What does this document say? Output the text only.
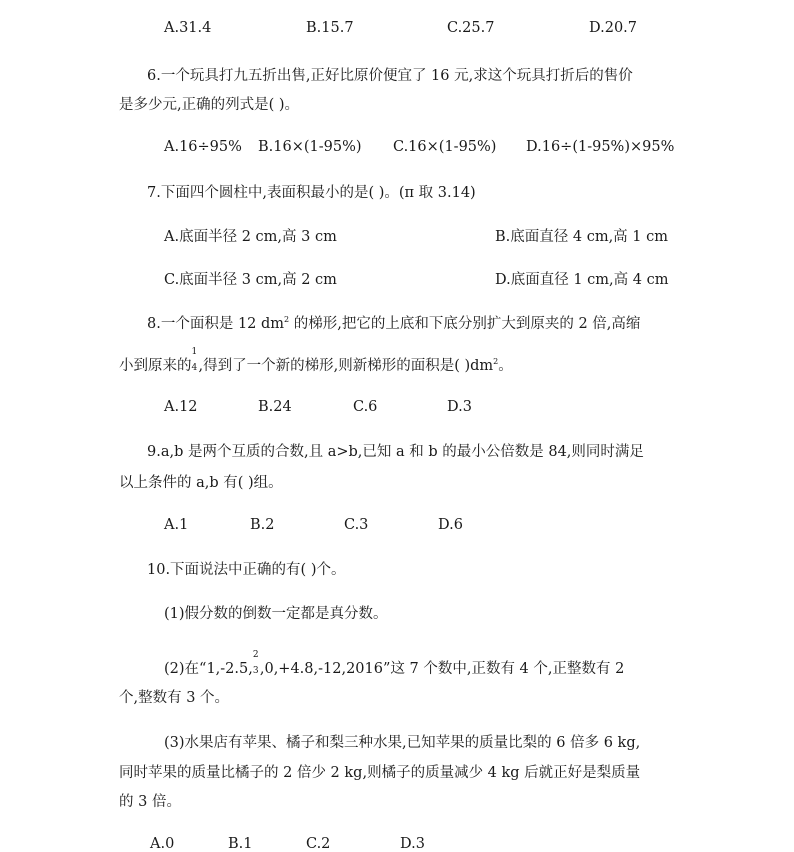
A.31.4	B.15.7	C.25.7	D.20.7
6.一个玩具打九五折出售,正好比原价便宜了 16 元,求这个玩具打折后的售价
是多少元,正确的列式是( )。
A.16÷95% B.16×(1-95%) C.16×(1-95%) D.16÷(1-95%)×95%
7.下面四个圆柱中,表面积最小的是( )。(π 取 3.14)
A.底面半径 2 cm,高 3 cm	B.底面直径 4 cm,高 1 cm
C.底面半径 3 cm,高 2 cm	D.底面直径 1 cm,高 4 cm
8.一个面积是 12 $dm^2$ 的梯形,把它的上底和下底分别扩大到原夹的 2 倍,高缩
小到原来的
1
4 ,得到了一个新的梯形,则新梯形的面积是( )$dm^2$。
A.12	B.24	C.6	D.3
9.a,b 是两个互质的合数,且 a>b,已知 a 和 b 的最小公倍数是 84,则同时满足
以上条件的 a,b 有( )组。
A.1	B.2	C.3	D.6
10.下面说法中正确的有( )个。
(1)假分数的倒数一定都是真分数。
(2)在“1,-2.5,
2
3 ,0,+4.8,-12,2016”这 7 个数中,正数有 4 个,正整数有 2
个,整数有 3 个。
(3)水果店有苹果、橘子和梨三种水果,已知苹果的质量比梨的 6 倍多 6 kg,
同时苹果的质量比橘子的 2 倍少 2 kg,则橘子的质量减少 4 kg 后就正好是梨质量
的 3 倍。
A.0	B.1	C.2	D.3
